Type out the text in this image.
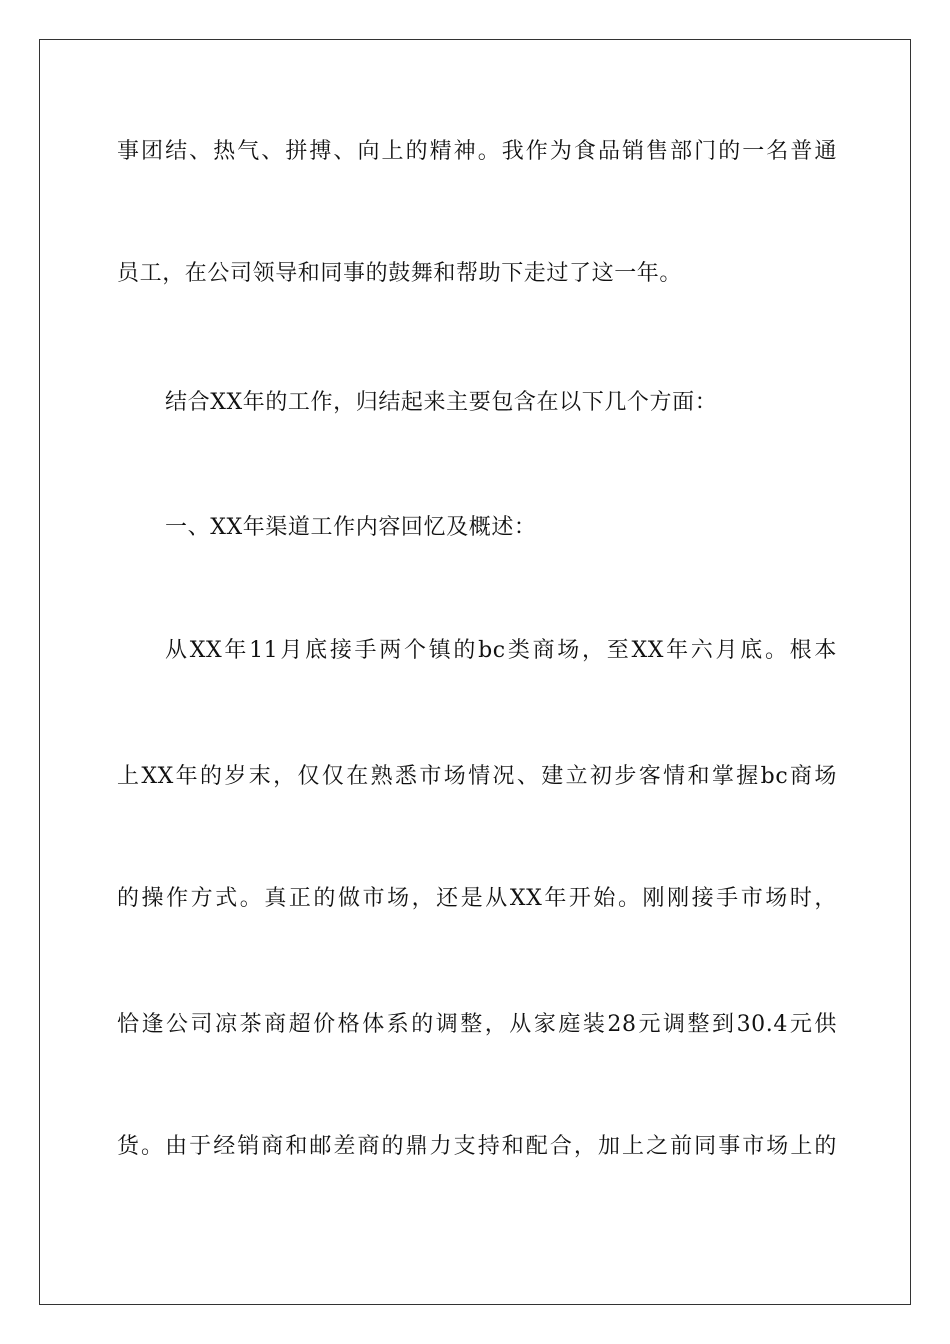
事团结、热气、拼搏、向上的精神。我作为食品销售部门的一名普通
员工，在公司领导和同事的鼓舞和帮助下走过了这一年。
结合XX年的工作，归结起来主要包含在以下几个方面：
一、XX年渠道工作内容回忆及概述：
从XX年11月底接手两个镇的bc类商场，至XX年六月底。根本
上XX年的岁末，仅仅在熟悉市场情况、建立初步客情和掌握bc商场
的操作方式。真正的做市场，还是从XX年开始。刚刚接手市场时，
恰逢公司凉茶商超价格体系的调整，从家庭装28元调整到30.4元供
货。由于经销商和邮差商的鼎力支持和配合，加上之前同事市场上的
